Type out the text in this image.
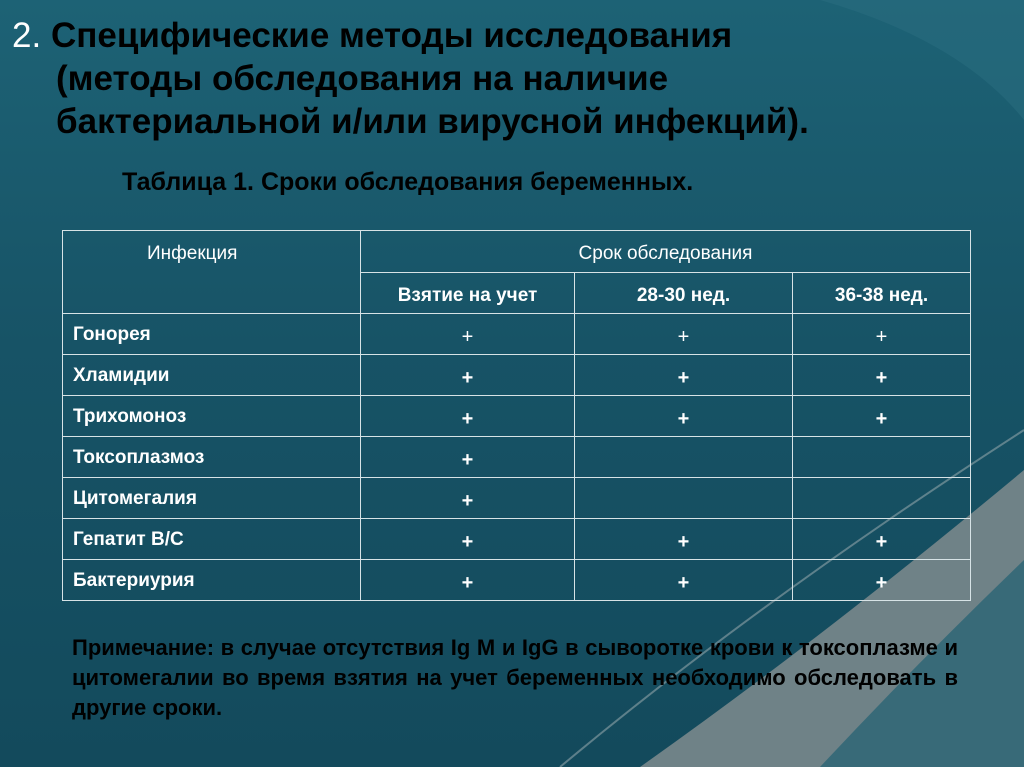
2. Специфические методы исследования
(методы обследования на наличие
бактериальной и/или вирусной инфекций).

Таблица 1. Сроки обследования беременных.

Инфекция	Срок обследования		
	Взятие на учет	28-30 нед.	36-38 нед.
Гонорея	+	+	+
Хламидии	+	+	+
Трихомоноз	+	+	+
Токсоплазмоз	+		
Цитомегалия	+		
Гепатит В/С	+	+	+
Бактериурия	+	+	+

Примечание: в случае отсутствия Ig M и IgG в сыворотке крови к токсоплазме и цитомегалии во время взятия на учет беременных необходимо обследовать в другие сроки.
